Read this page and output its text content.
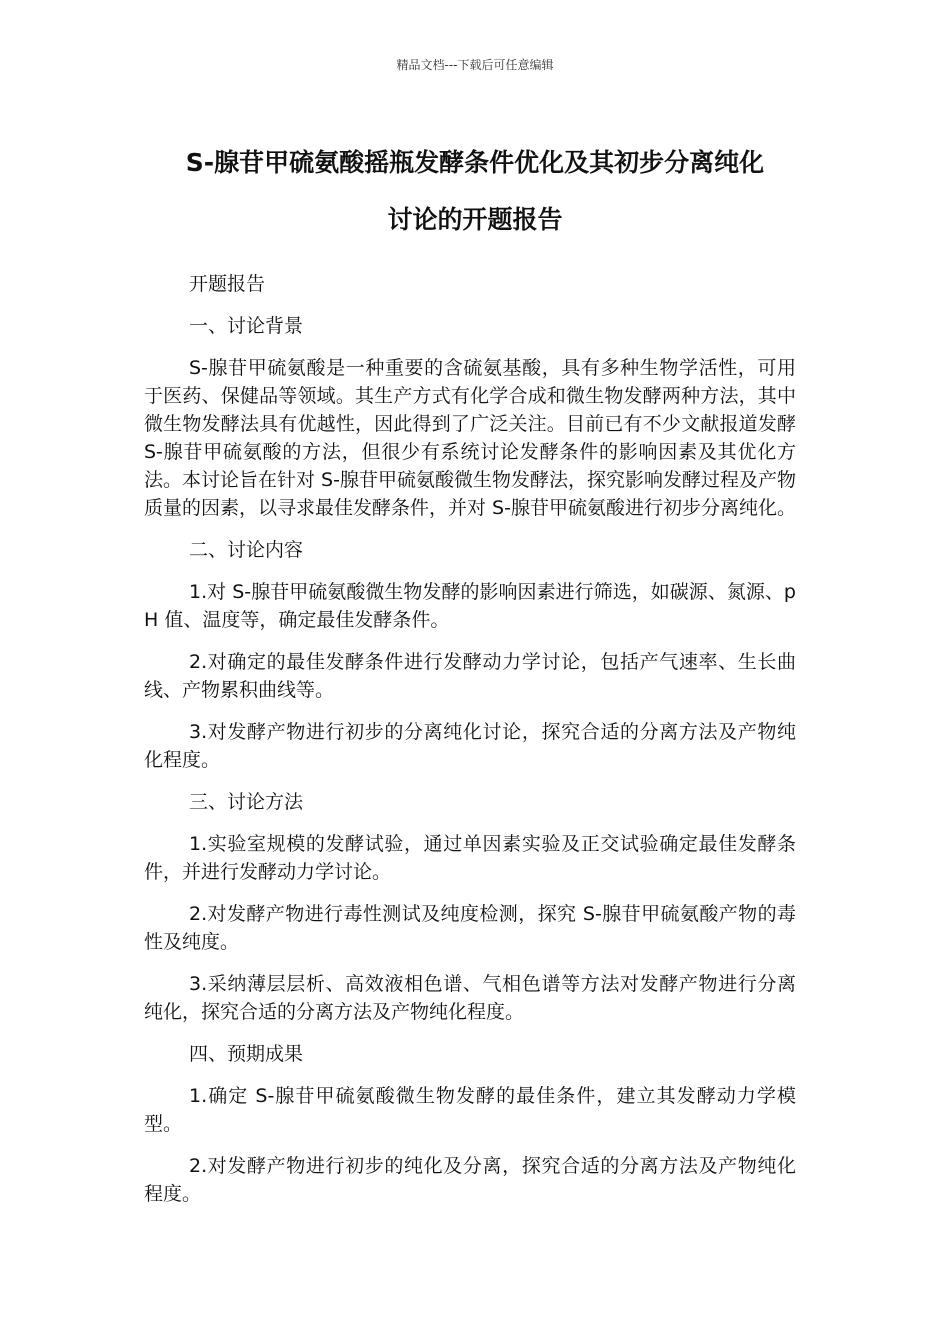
精品文档---下载后可任意编辑
S-腺苷甲硫氨酸摇瓶发酵条件优化及其初步分离纯化
讨论的开题报告

开题报告

一、讨论背景

S-腺苷甲硫氨酸是一种重要的含硫氨基酸，具有多种生物学活性，可用于医药、保健品等领域。其生产方式有化学合成和微生物发酵两种方法，其中微生物发酵法具有优越性，因此得到了广泛关注。目前已有不少文献报道发酵 S-腺苷甲硫氨酸的方法，但很少有系统讨论发酵条件的影响因素及其优化方法。本讨论旨在针对 S-腺苷甲硫氨酸微生物发酵法，探究影响发酵过程及产物质量的因素，以寻求最佳发酵条件，并对 S-腺苷甲硫氨酸进行初步分离纯化。

二、讨论内容

1.对 S-腺苷甲硫氨酸微生物发酵的影响因素进行筛选，如碳源、氮源、pH 值、温度等，确定最佳发酵条件。

2.对确定的最佳发酵条件进行发酵动力学讨论，包括产气速率、生长曲线、产物累积曲线等。

3.对发酵产物进行初步的分离纯化讨论，探究合适的分离方法及产物纯化程度。

三、讨论方法

1.实验室规模的发酵试验，通过单因素实验及正交试验确定最佳发酵条件，并进行发酵动力学讨论。

2.对发酵产物进行毒性测试及纯度检测，探究 S-腺苷甲硫氨酸产物的毒性及纯度。

3.采纳薄层层析、高效液相色谱、气相色谱等方法对发酵产物进行分离纯化，探究合适的分离方法及产物纯化程度。

四、预期成果

1.确定 S-腺苷甲硫氨酸微生物发酵的最佳条件，建立其发酵动力学模型。

2.对发酵产物进行初步的纯化及分离，探究合适的分离方法及产物纯化程度。
